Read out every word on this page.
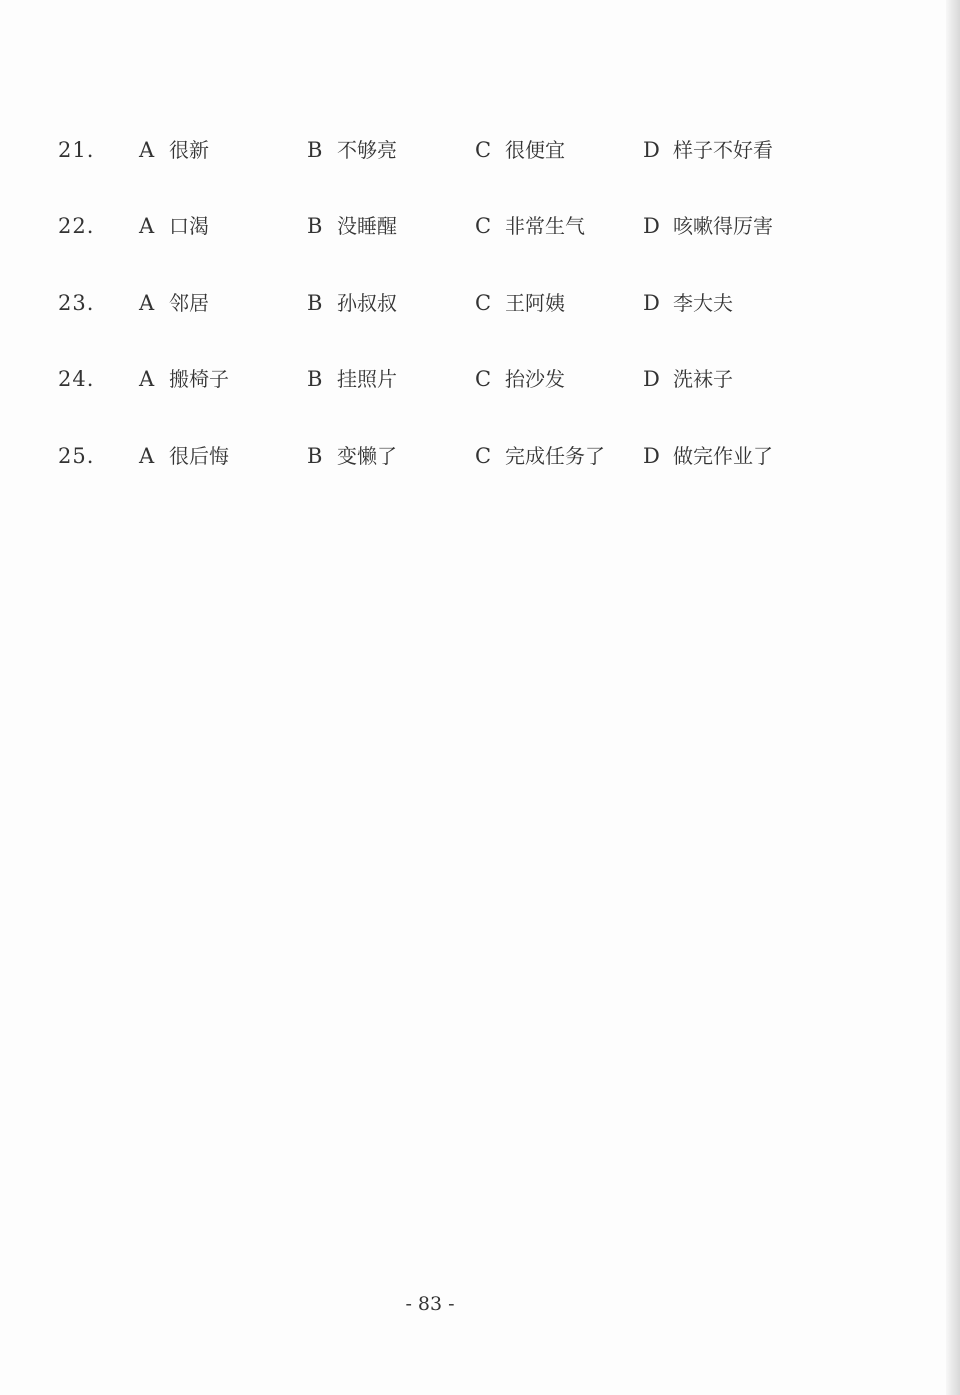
21. A 很新	B 不够亮	C 很便宜	D 样子不好看
22. A 口渴	B 没睡醒	C 非常生气	D 咳嗽得厉害
23. A 邻居	B 孙叔叔	C 王阿姨	D 李大夫
24. A 搬椅子	B 挂照片	C 抬沙发	D 洗袜子
25. A 很后悔	B 变懒了	C 完成任务了 D 做完作业了
- 83 -
